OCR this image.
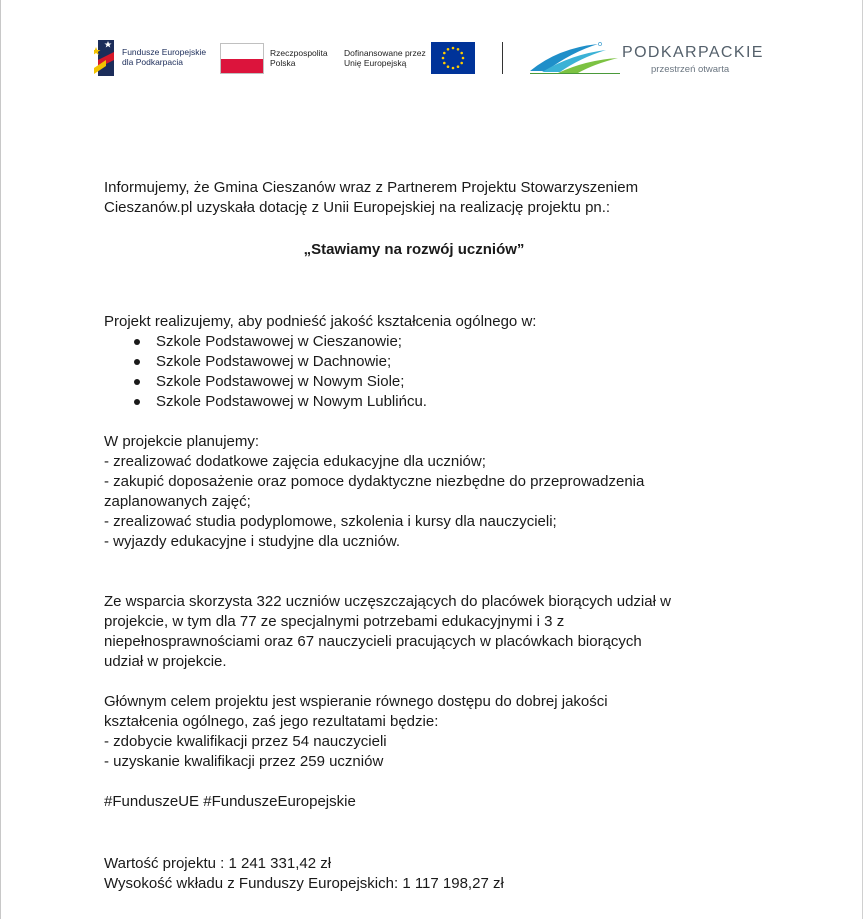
Fundusze Europejskie
dla Podkarpacia
Rzeczpospolita
Polska
Dofinansowane przez
Unię Europejską
PODKARPACKIE
przestrzeń otwarta

Informujemy, że Gmina Cieszanów wraz z Partnerem Projektu Stowarzyszeniem

Cieszanów.pl uzyskała dotację z Unii Europejskiej na realizację projektu pn.:

„Stawiamy na rozwój uczniów”

Projekt realizujemy, aby podnieść jakość kształcenia ogólnego w:

Szkole Podstawowej w Cieszanowie;
Szkole Podstawowej w Dachnowie;
Szkole Podstawowej w Nowym Siole;
Szkole Podstawowej w Nowym Lublińcu.

W projekcie planujemy:

- zrealizować dodatkowe zajęcia edukacyjne dla uczniów;

- zakupić doposażenie oraz pomoce dydaktyczne niezbędne do przeprowadzenia

zaplanowanych zajęć;

- zrealizować studia podyplomowe, szkolenia i kursy dla nauczycieli;

- wyjazdy edukacyjne i studyjne dla uczniów.

Ze wsparcia skorzysta 322 uczniów uczęszczających do placówek biorących udział w

projekcie, w tym dla 77 ze specjalnymi potrzebami edukacyjnymi i 3 z

niepełnosprawnościami oraz 67 nauczycieli pracujących w placówkach biorących

udział w projekcie.

Głównym celem projektu jest wspieranie równego dostępu do dobrej jakości

kształcenia ogólnego, zaś jego rezultatami będzie:

- zdobycie kwalifikacji przez 54 nauczycieli

- uzyskanie kwalifikacji przez 259 uczniów

#FunduszeUE #FunduszeEuropejskie

Wartość projektu : 1 241 331,42 zł

Wysokość wkładu z Funduszy Europejskich: 1 117 198,27 zł
